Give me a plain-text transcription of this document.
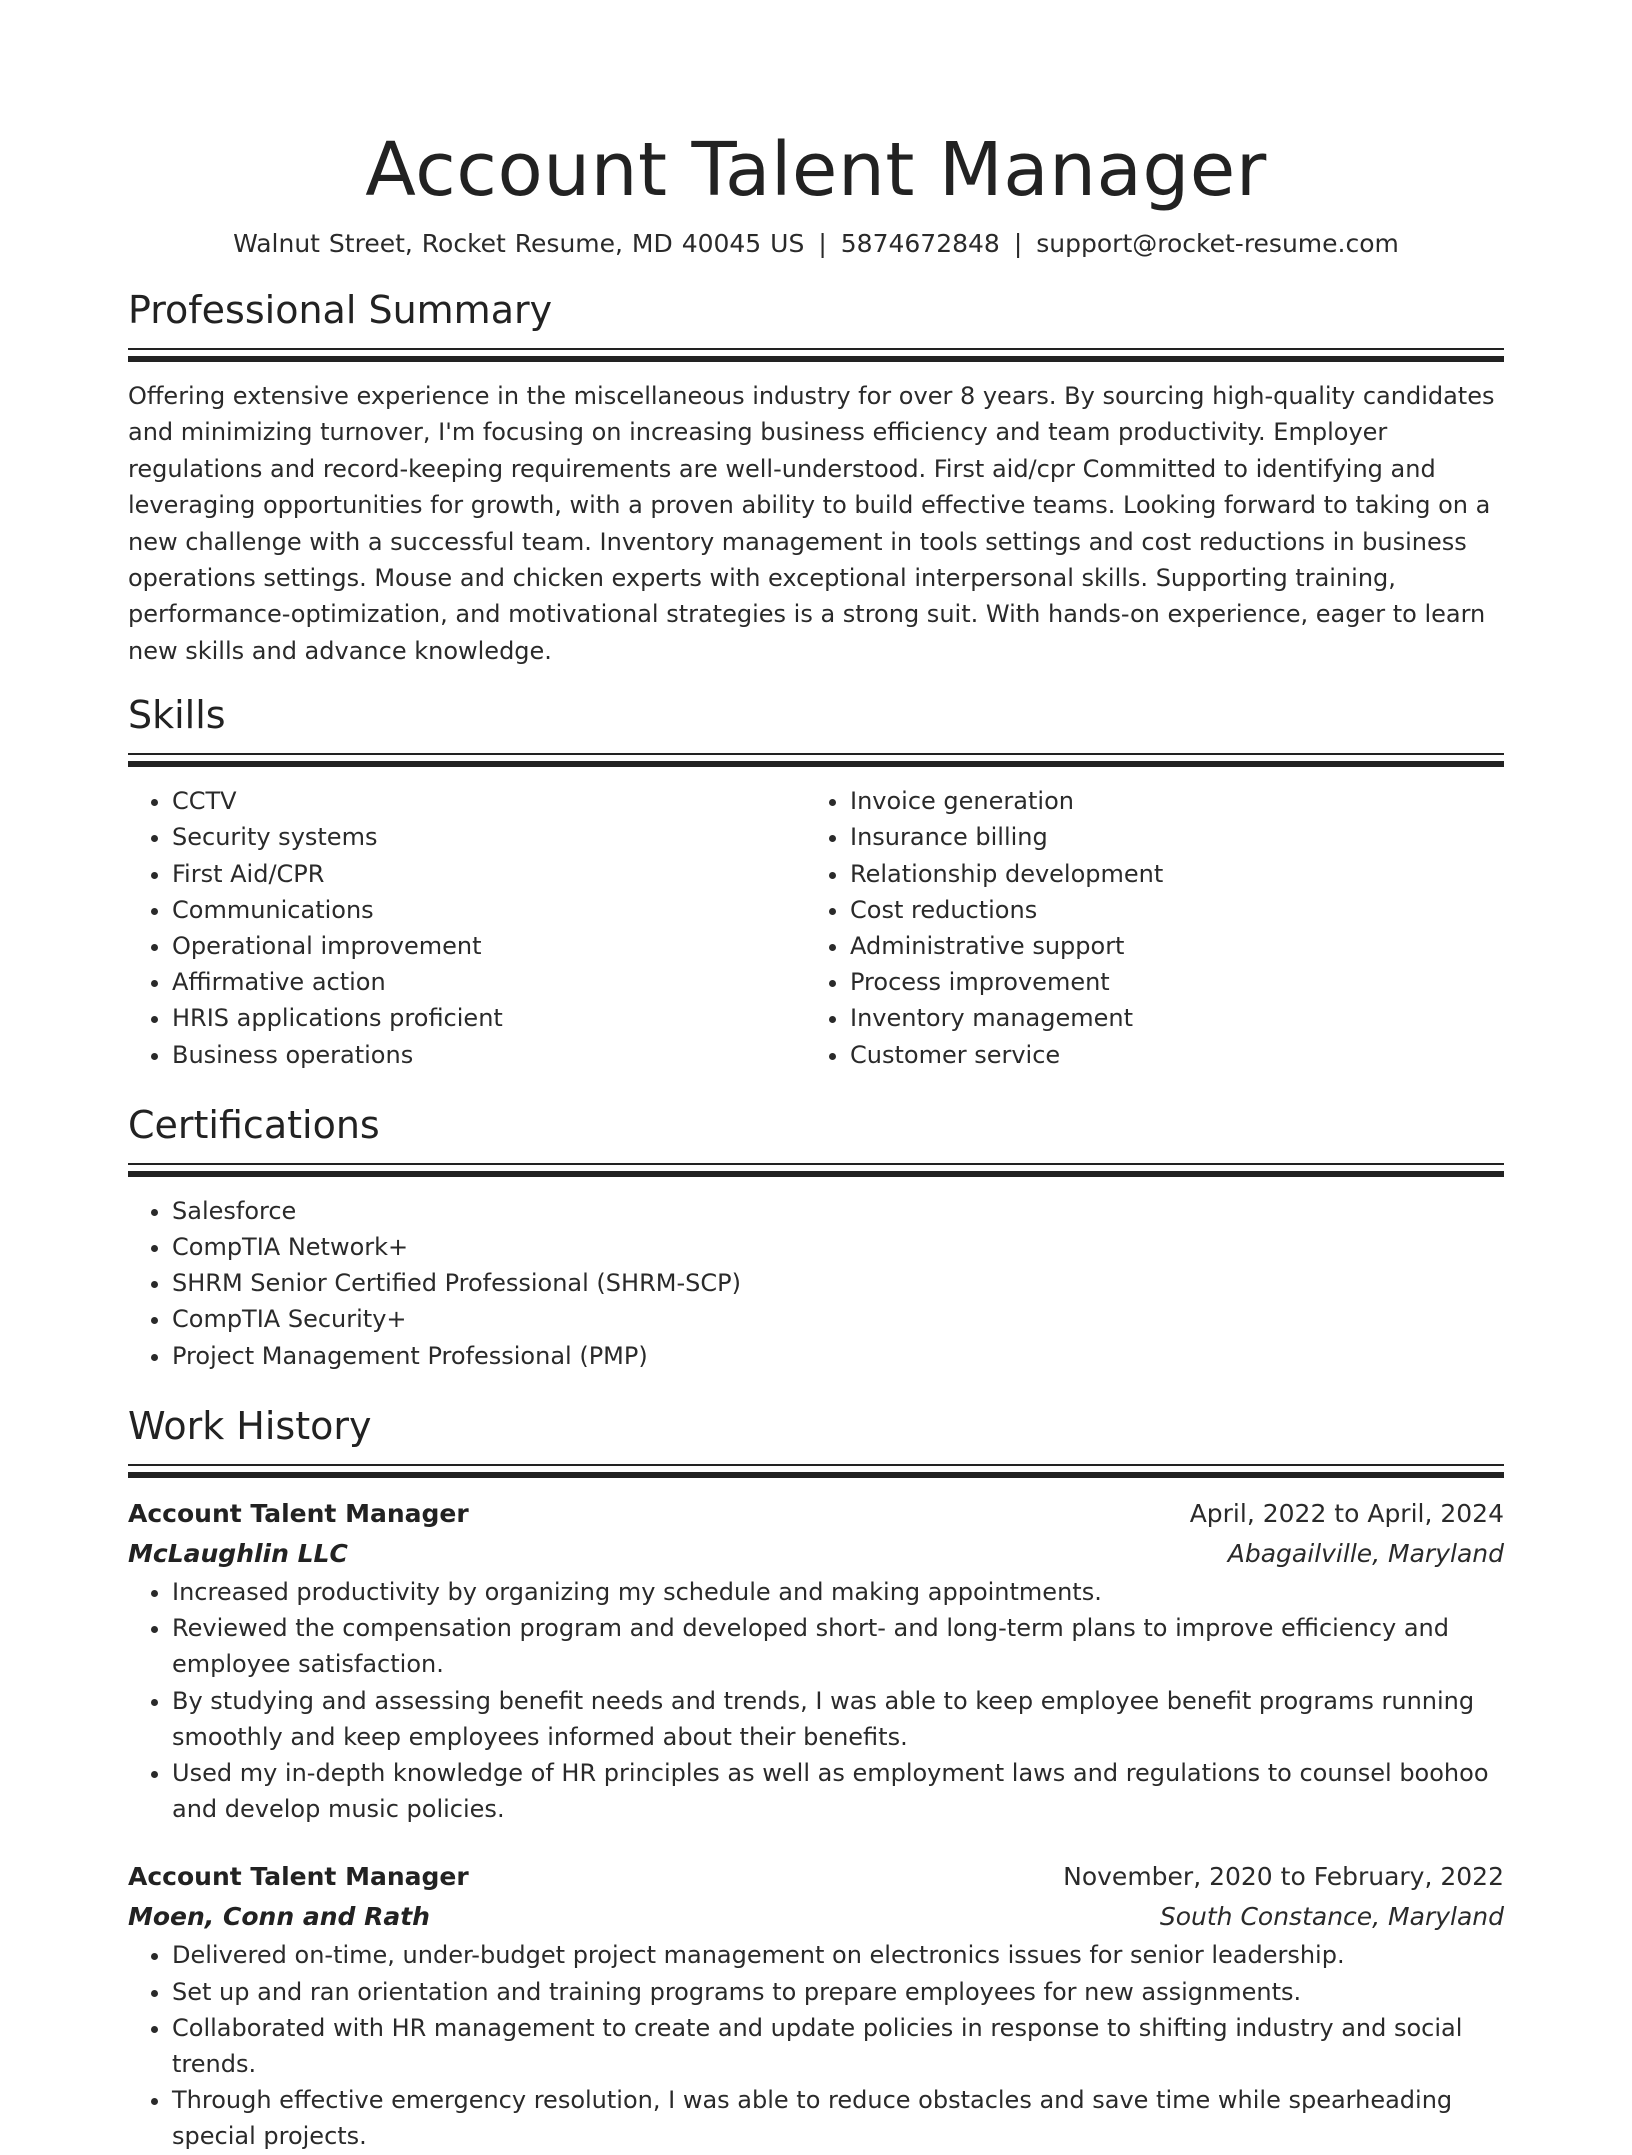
Account Talent Manager
Walnut Street, Rocket Resume, MD 40045 US | 5874672848 | support@rocket-resume.com
Professional Summary

Offering extensive experience in the miscellaneous industry for over 8 years. By sourcing high-quality candidates and minimizing turnover, I'm focusing on increasing business efficiency and team productivity. Employer regulations and record-keeping requirements are well-understood. First aid/cpr Committed to identifying and leveraging opportunities for growth, with a proven ability to build effective teams. Looking forward to taking on a new challenge with a successful team. Inventory management in tools settings and cost reductions in business operations settings. Mouse and chicken experts with exceptional interpersonal skills. Supporting training, performance-optimization, and motivational strategies is a strong suit. With hands-on experience, eager to learn new skills and advance knowledge.

Skills
• CCTV
• Security systems
• First Aid/CPR
• Communications
• Operational improvement
• Affirmative action
• HRIS applications proficient
• Business operations
• Invoice generation
• Insurance billing
• Relationship development
• Cost reductions
• Administrative support
• Process improvement
• Inventory management
• Customer service
Certifications
• Salesforce
• CompTIA Network+
• SHRM Senior Certified Professional (SHRM-SCP)
• CompTIA Security+
• Project Management Professional (PMP)
Work History
Account Talent Manager	April, 2022 to April, 2024
McLaughlin LLC	Abagailville, Maryland
• Increased productivity by organizing my schedule and making appointments.
• Reviewed the compensation program and developed short- and long-term plans to improve efficiency and employee satisfaction.
• By studying and assessing benefit needs and trends, I was able to keep employee benefit programs running smoothly and keep employees informed about their benefits.
• Used my in-depth knowledge of HR principles as well as employment laws and regulations to counsel boohoo and develop music policies.
Account Talent Manager	November, 2020 to February, 2022
Moen, Conn and Rath	South Constance, Maryland
• Delivered on-time, under-budget project management on electronics issues for senior leadership.
• Set up and ran orientation and training programs to prepare employees for new assignments.
• Collaborated with HR management to create and update policies in response to shifting industry and social trends.
• Through effective emergency resolution, I was able to reduce obstacles and save time while spearheading special projects.
